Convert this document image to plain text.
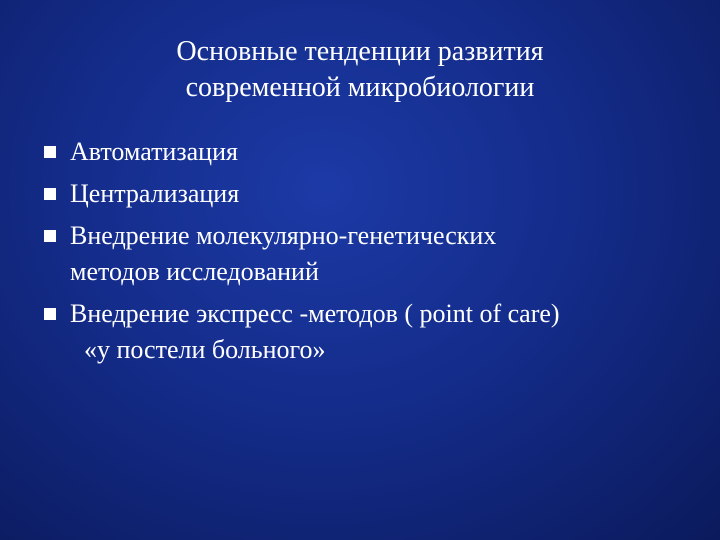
Основные тенденции развития
современной микробиологии
Автоматизация
Централизация
Внедрение молекулярно-генетических
методов исследований
Внедрение экспресс -методов ( point of care)
«у постели больного»
